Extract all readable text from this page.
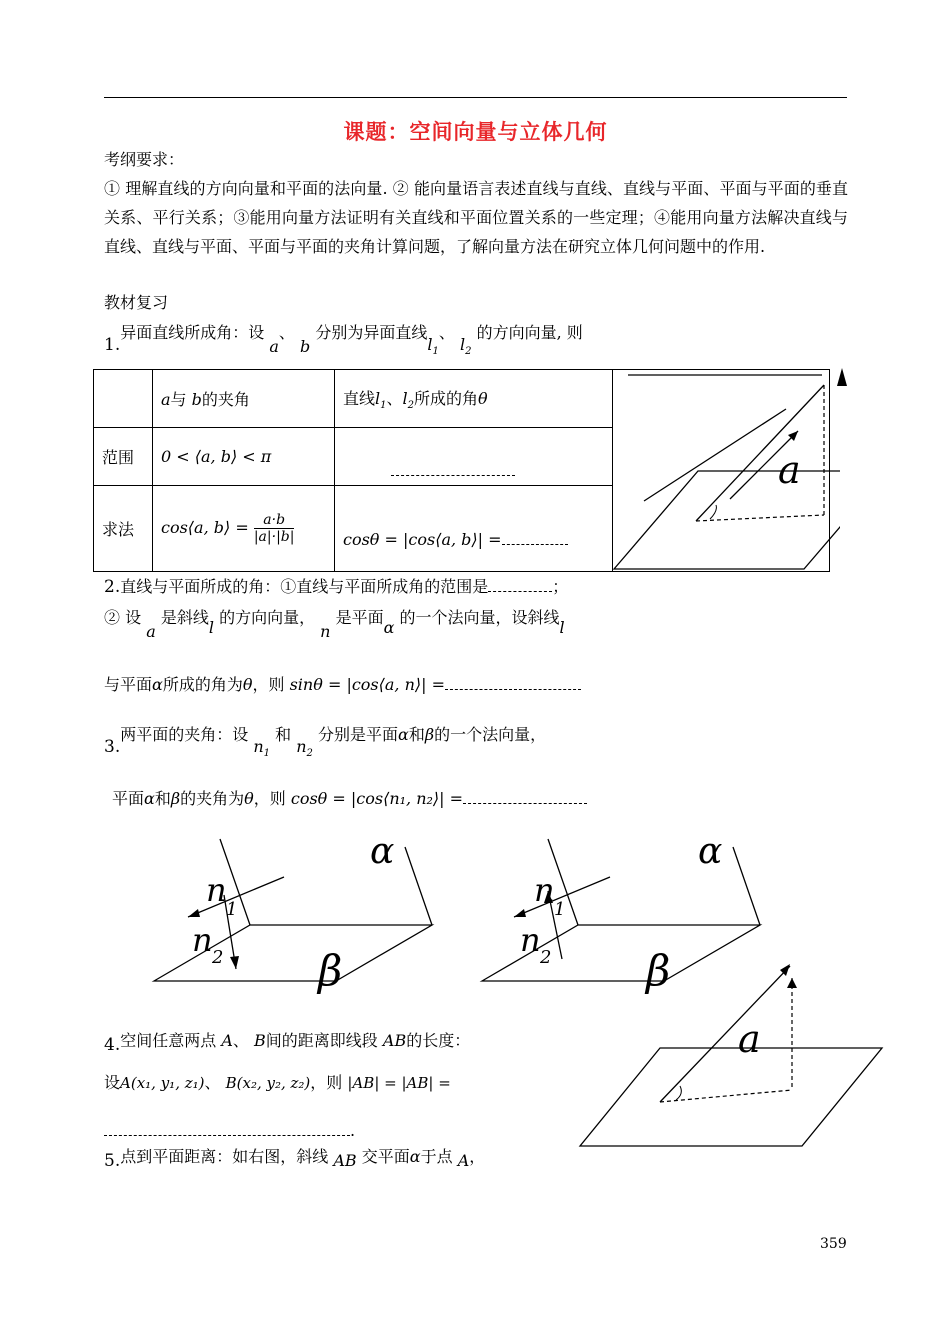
课题：空间向量与立体几何
考纲要求：
① 理解直线的方向向量和平面的法向量. ② 能向量语言表述直线与直线、直线与平面、平面与平面的垂直关系、平行关系；③能用向量方法证明有关直线和平面位置关系的一些定理；④能用向量方法解决直线与直线、直线与平面、平面与平面的夹角计算问题，了解向量方法在研究立体几何问题中的作用.
教材复习
1.异面直线所成角：设 a、 b 分别为异面直线$l_1$、 $l_2$ 的方向向量, 则
	a与 b的夹角	直线$l_1$、$l_2$所成的角θ	
范围	0 < ⟨a, b⟩ < π		

求法	cos⟨a, b⟩ = $\frac{a\cdot b}{|a|\cdot|b|}$	cosθ = |cos⟨a, b⟩| =	
a
2.直线与平面所成的角：①直线与平面所成角的范围是	；
② 设 a 是斜线l 的方向向量， n 是平面α 的一个法向量，设斜线l
与平面α所成的角为θ，则 sinθ = |cos⟨a, n⟩| =
3.两平面的夹角：设 $n_1$ 和 $n_2$ 分别是平面α和β的一个法向量，
平面α和β的夹角为θ，则 cosθ = |cos⟨n₁, n₂⟩| =
α
β
n
1
n 2
α
β
n
1
n 2
4.空间任意两点 A、 B间的距离即线段 AB的长度：
设A(x₁, y₁, z₁)、 B(x₂, y₂, z₂)，则 |AB| = |AB| =
.
5.点到平面距离：如右图，斜线 AB 交平面α于点 A，
a
359
